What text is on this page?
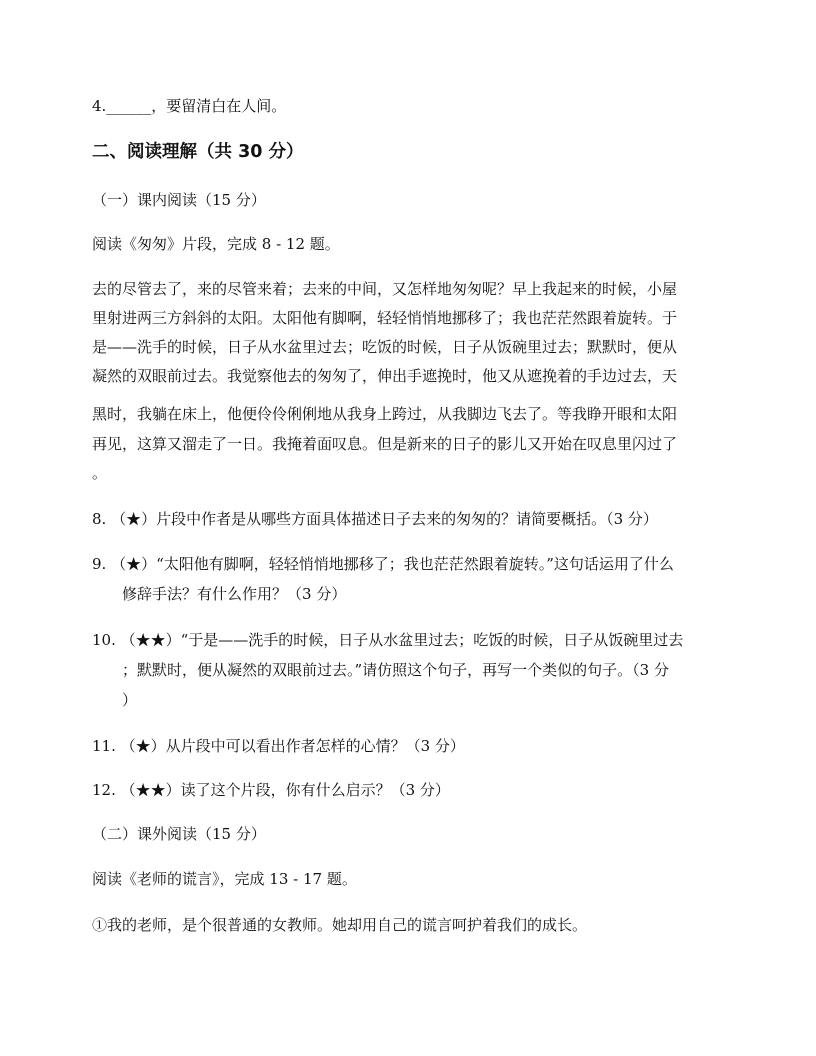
4.______，要留清白在人间。
二、阅读理解（共 30 分）
（一）课内阅读（15 分）
阅读《匆匆》片段，完成 8 - 12 题。
去的尽管去了，来的尽管来着；去来的中间，又怎样地匆匆呢？早上我起来的时候，小屋
里射进两三方斜斜的太阳。太阳他有脚啊，轻轻悄悄地挪移了；我也茫茫然跟着旋转。于
是——洗手的时候，日子从水盆里过去；吃饭的时候，日子从饭碗里过去；默默时，便从
凝然的双眼前过去。我觉察他去的匆匆了，伸出手遮挽时，他又从遮挽着的手边过去，天
黑时，我躺在床上，他便伶伶俐俐地从我身上跨过，从我脚边飞去了。等我睁开眼和太阳
再见，这算又溜走了一日。我掩着面叹息。但是新来的日子的影儿又开始在叹息里闪过了
。
8. （★）片段中作者是从哪些方面具体描述日子去来的匆匆的？请简要概括。（3 分）
9. （★）“太阳他有脚啊，轻轻悄悄地挪移了；我也茫茫然跟着旋转。”这句话运用了什么
修辞手法？有什么作用？（3 分）
10. （★★）“于是——洗手的时候，日子从水盆里过去；吃饭的时候，日子从饭碗里过去
；默默时，便从凝然的双眼前过去。”请仿照这个句子，再写一个类似的句子。（3 分
）
11. （★）从片段中可以看出作者怎样的心情？（3 分）
12. （★★）读了这个片段，你有什么启示？（3 分）
（二）课外阅读（15 分）
阅读《老师的谎言》，完成 13 - 17 题。
①我的老师，是个很普通的女教师。她却用自己的谎言呵护着我们的成长。
